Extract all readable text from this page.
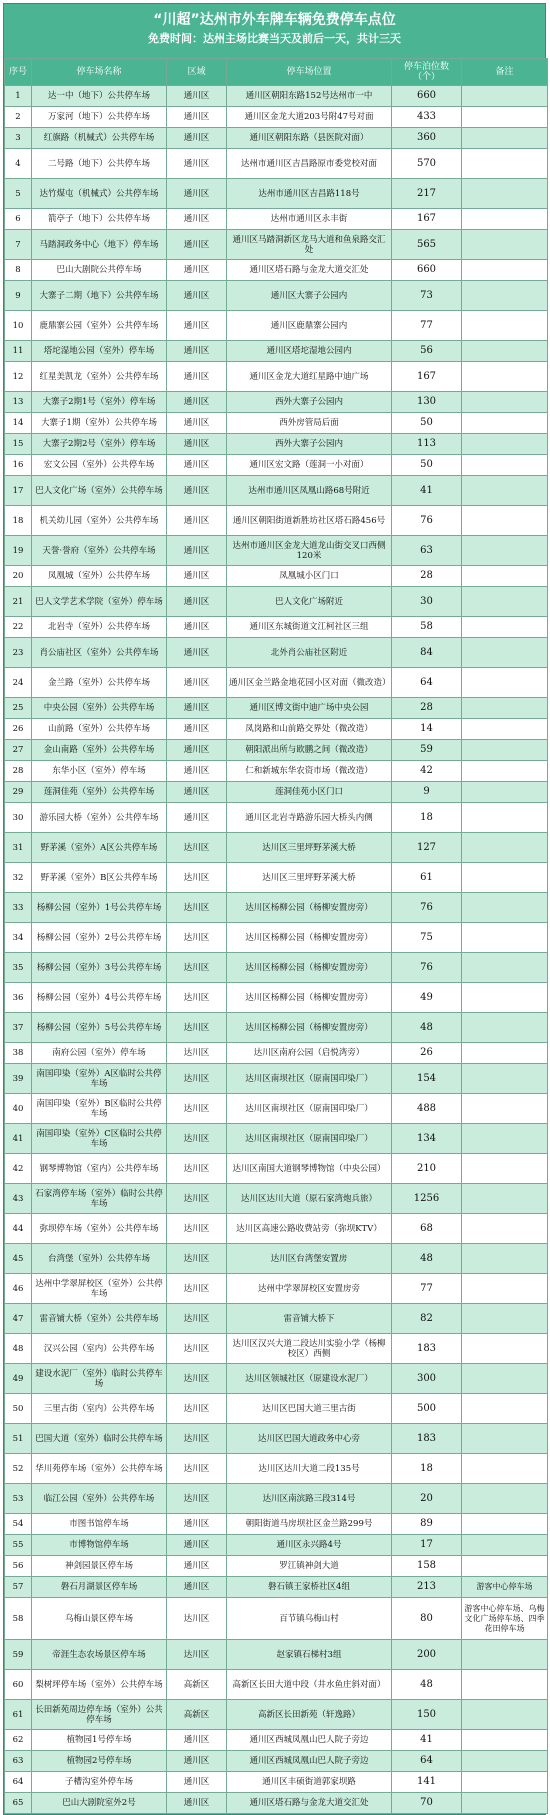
“川超”达州市外车牌车辆免费停车点位
免费时间：达州主场比赛当天及前后一天，共计三天
序号	停车场名称	区域	停车场位置	停车泊位数（个）	备注
1	达一中（地下）公共停车场	通川区	通川区朝阳东路152号达州市一中	660	
2	万家河（地下）公共停车场	通川区	通川区金龙大道203号附47号对面	433	
3	红旗路（机械式）公共停车场	通川区	通川区朝阳东路（县医院对面）	360	
4	二号路（地下）公共停车场	通川区	达州市通川区吉昌路原市委党校对面	570	
5	达竹煤屯（机械式）公共停车场	通川区	达州市通川区吉昌路118号	217	
6	箭亭子（地下）公共停车场	通川区	达州市通川区永丰街	167	
7	马踏洞政务中心（地下）停车场	通川区	通川区马踏洞新区龙马大道和鱼泉路交汇处	565	
8	巴山大剧院公共停车场	通川区	通川区塔石路与金龙大道交汇处	660	
9	大寨子二期（地下）公共停车场	通川区	通川区大寨子公园内	73	
10	鹿鼎寨公园（室外）公共停车场	通川区	通川区鹿鼎寨公园内	77	
11	塔坨湿地公园（室外）停车场	通川区	通川区塔坨湿地公园内	56	
12	红星美凯龙（室外）公共停车场	通川区	通川区金龙大道红星路中迪广场	167	
13	大寨子2期1号（室外）停车场	通川区	西外大寨子公园内	130	
14	大寨子1期（室外）公共停车场	通川区	西外房管局后面	50	
15	大寨子2期2号（室外）停车场	通川区	西外大寨子公园内	113	
16	宏文公园（室外）公共停车场	通川区	通川区宏文路（莲洞一小对面）	50	
17	巴人文化广场（室外）公共停车场	通川区	达州市通川区凤凰山路68号附近	41	
18	机关幼儿园（室外）公共停车场	通川区	通川区朝阳街道新胜坊社区塔石路456号	76	
19	天誉·誉府（室外）公共停车场	通川区	达州市通川区金龙大道龙山街交叉口西侧120米	63	
20	凤凰城（室外）公共停车场	通川区	凤凰城小区门口	28	
21	巴人文学艺术学院（室外）停车场	通川区	巴人文化广场附近	30	
22	北岩寺（室外）公共停车场	通川区	通川区东城街道文江柯社区三组	58	
23	肖公庙社区（室外）公共停车场	通川区	北外肖公庙社区附近	84	
24	金兰路（室外）公共停车场	通川区	通川区金兰路金地花园小区对面（微改造）	64	
25	中央公园（室外）公共停车场	通川区	通川区博文街中迪广场中央公园	28	
26	山前路（室外）公共停车场	通川区	凤岗路和山前路交界处（微改造）	14	
27	金山南路（室外）公共停车场	通川区	朝阳派出所与欧鹏之间（微改造）	59	
28	东华小区（室外）停车场	通川区	仁和新城东华农资市场（微改造）	42	
29	莲洞佳苑（室外）公共停车场	通川区	莲洞佳苑小区门口	9	
30	游乐园大桥（室外）公共停车场	通川区	通川区北岩寺路游乐园大桥头内侧	18	
31	野茅溪（室外）A区公共停车场	达川区	达川区三里坪野茅溪大桥	127	
32	野茅溪（室外）B区公共停车场	达川区	达川区三里坪野茅溪大桥	61	
33	杨柳公园（室外）1号公共停车场	达川区	达川区杨柳公园（杨柳安置房旁）	76	
34	杨柳公园（室外）2号公共停车场	达川区	达川区杨柳公园（杨柳安置房旁）	75	
35	杨柳公园（室外）3号公共停车场	达川区	达川区杨柳公园（杨柳安置房旁）	76	
36	杨柳公园（室外）4号公共停车场	达川区	达川区杨柳公园（杨柳安置房旁）	49	
37	杨柳公园（室外）5号公共停车场	达川区	达川区杨柳公园（杨柳安置房旁）	48	
38	南府公园（室外）停车场	达川区	达川区南府公园（启悦湾旁）	26	
39	南国印染（室外）A区临时公共停车场	达川区	达川区南坝社区（原南国印染厂）	154	
40	南国印染（室外）B区临时公共停车场	达川区	达川区南坝社区（原南国印染厂）	488	
41	南国印染（室外）C区临时公共停车场	达川区	达川区南坝社区（原南国印染厂）	134	
42	钢琴博物馆（室内）公共停车场	达川区	达川区南国大道钢琴博物馆（中央公园）	210	
43	石家湾停车场（室外）临时公共停车场	达川区	达川区达川大道（原石家湾炮兵旅）	1256	
44	弥坝停车场（室外）公共停车场	达川区	达川区高速公路收费站旁（弥坝KTV）	68	
45	台湾堡（室外）公共停车场	达川区	达川区台湾堡安置房	48	
46	达州中学翠屏校区（室外）公共停车场	达川区	达州中学翠屏校区安置房旁	77	
47	雷音铺大桥（室外）公共停车场	达川区	雷音铺大桥下	82	
48	汉兴公园（室内）公共停车场	达川区	达川区汉兴大道二段达川实验小学（杨柳校区）西侧	183	
49	建设水泥厂（室外）临时公共停车场	达川区	达川区领城社区（原建设水泥厂）	300	
50	三里古街（室内）公共停车场	达川区	达川区巴国大道三里古街	500	
51	巴国大道（室外）临时公共停车场	达川区	达川区巴国大道政务中心旁	183	
52	华川苑停车场（室外）公共停车场	达川区	达川区达川大道二段135号	18	
53	临江公园（室外）公共停车场	达川区	达川区南滨路三段314号	20	
54	市图书馆停车场	通川区	朝阳街道马房坝社区金兰路299号	89	
55	市博物馆停车场	通川区	通川区永兴路4号	17	
56	神剑园景区停车场	通川区	罗江镇神剑大道	158	
57	磐石月湖景区停车场	通川区	磐石镇王家桥社区4组	213	游客中心停车场
58	乌梅山景区停车场	达川区	百节镇乌梅山村	80	游客中心停车场、乌梅文化广场停车场、四季花田停车场
59	帝涯生态农场景区停车场	达川区	赵家镇石梯村3组	200	
60	梨树坪停车场（室外）公共停车场	高新区	高新区长田大道中段（井水鱼庄斜对面）	48	
61	长田新苑周边停车场（室外）公共停车场	高新区	高新区长田新苑（轩逸路）	150	
62	植物园1号停车场	通川区	通川区西城凤凰山巴人院子旁边	41	
63	植物园2号停车场	通川区	通川区西城凤凰山巴人院子旁边	64	
64	子槽沟室外停车场	通川区	通川区丰硕街道郭家坝路	141	
65	巴山大剧院室外2号	通川区	通川区塔石路与金龙大道交汇处	70	
